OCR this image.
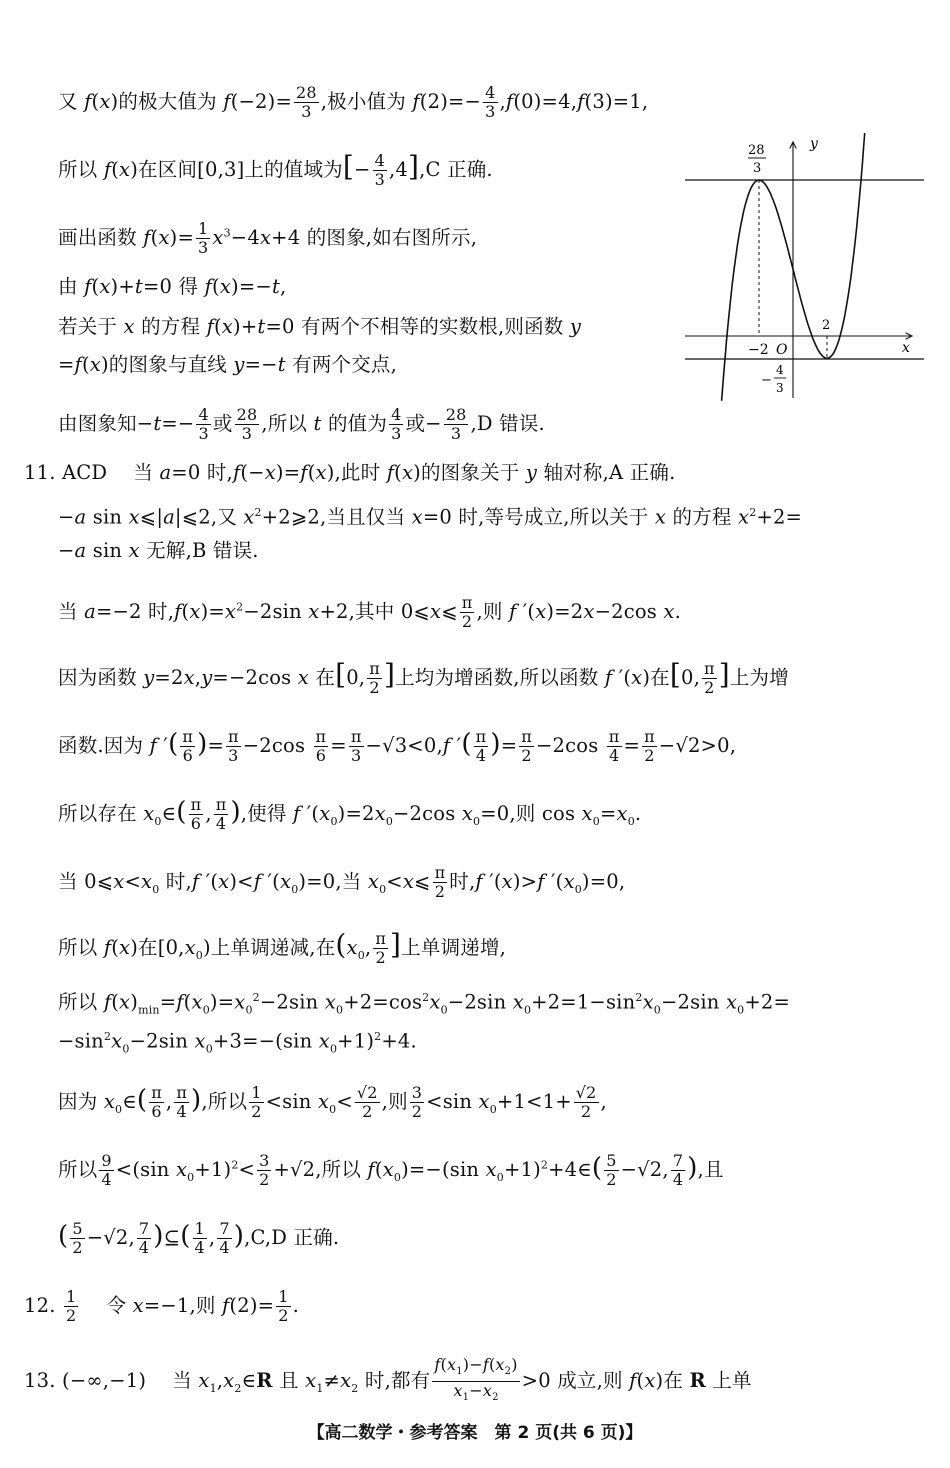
又 f(x)的极大值为 $f(-2)= \frac{28}{3}$ ,极小值为 $f(2)=- \frac{4}{3} ,f(0)=4,f(3)=1$,
所以 f(x)在区间[0,3]上的值域为[− $\frac{4}{3} ,4],C$ 正确.
画出函数 $f(x)= \frac{1}{3} x^3-4x+4$ 的图象,如右图所示,
由 f(x)+t=0 得 f(x)=−t,
若关于 x 的方程 f(x)+t=0 有两个不相等的实数根,则函数 y
=f(x)的图象与直线 y=−t 有两个交点,
由图象知$-t=- \frac{4}{3}$ 或 $\frac{28}{3}$ ,所以 t 的值为 $\frac{4}{3}$ 或− $\frac{28}{3} ,D$ 错误.
11. ACD　 当 a=0 时,f(−x)=f(x),此时 f(x)的图象关于 y 轴对称,A 正确.
−a sin x⩽|a|⩽2,又 $x^2+2⩾2$,当且仅当 x=0 时,等号成立,所以关于 x 的方程 $x^2+2=$
−a sin x 无解,B 错误.
当 a=−2 时$,f(x)=x^2-2\sin$ x+2,其中 0⩽x⩽ $\frac{\pi}{2}$ ,则 f ′(x)=2x−2cos x.
因为函数 y=2x,y=−2cos x 在[0, $\frac{\pi}{2}$ ]上均为增函数,所以函数 f ′(x)在[0, $\frac{\pi}{2}$ ]上为增
函数.因为 f ′( $\frac{\pi}{6}$ )= $\frac{\pi}{3} -2\cos \frac{\pi}{6} = \frac{\pi}{3} -√3<0,f$ ′( $\frac{\pi}{4}$ )= $\frac{\pi}{2} -2\cos \frac{\pi}{4} = \frac{\pi}{2} -√2>0$,
所以存在 $x_0\in( \frac{\pi}{6}$ , $\frac{\pi}{4}$ ),使得 f $'(x_0)=2x_0-2\cos$ $x_0=0$,则 $\cos x_0=x_0$.
当 $0⩽x<x_0$ 时,f ′(x)<f $'(x_0)=0$,当 $x_0<x⩽ \frac{\pi}{2}$ 时,f ′(x)>f $'(x_0)=0$,
所以 f(x)在$[0,x_0)$上单调递减,在($x_0$, $\frac{\pi}{2}$ ]上单调递增,
所以 $f(x)_{min}=f(x_0)=x_0^2-2\sin$ $x_0+2=\cos^2x_0-2\sin$ $x_0+2=1-\sin^2x_0-2\sin$ $x_0+2=$
$-\sin^2x_0-2\sin$ $x_0+3=-(\sin$ $x_0+1)^2+4$.
因为 $x_0\in( \frac{\pi}{6}$ , $\frac{\pi}{4}$ ),所以 $\frac{1}{2} <\sin$ $x_0< \frac{√2}{2}$ ,则 $\frac{3}{2} <\sin$ $x_0+1<1+ \frac{√2}{2}$ ,
所以 $\frac{9}{4} <(\sin$ $x_0+1)^2< \frac{3}{2} +√2$,所以 $f(x_0)=-(\sin$ $x_0+1)^2+4\in( \frac{5}{2} -√2$, $\frac{7}{4}$ ),且
( $\frac{5}{2} -√2$, $\frac{7}{4}$ )⊆( $\frac{1}{4}$ , $\frac{7}{4} ),C,D$ 正确.
12. $\frac{1}{2}$ 　 令 x=−1,则 $f(2)= \frac{1}{2}$ .
13. (−∞,−1)　 当 $x_1,x_2\in R$ 且 $x_1\ne x_2$ 时,都有 $\frac{f(x_1)-f(x_2)}{x_1-x_2} >0$ 成立,则 f(x)在 R 上单
y
x
O
28
3
−2
2
−
4
3
【高二数学・参考答案　第 2 页(共 6 页)】
